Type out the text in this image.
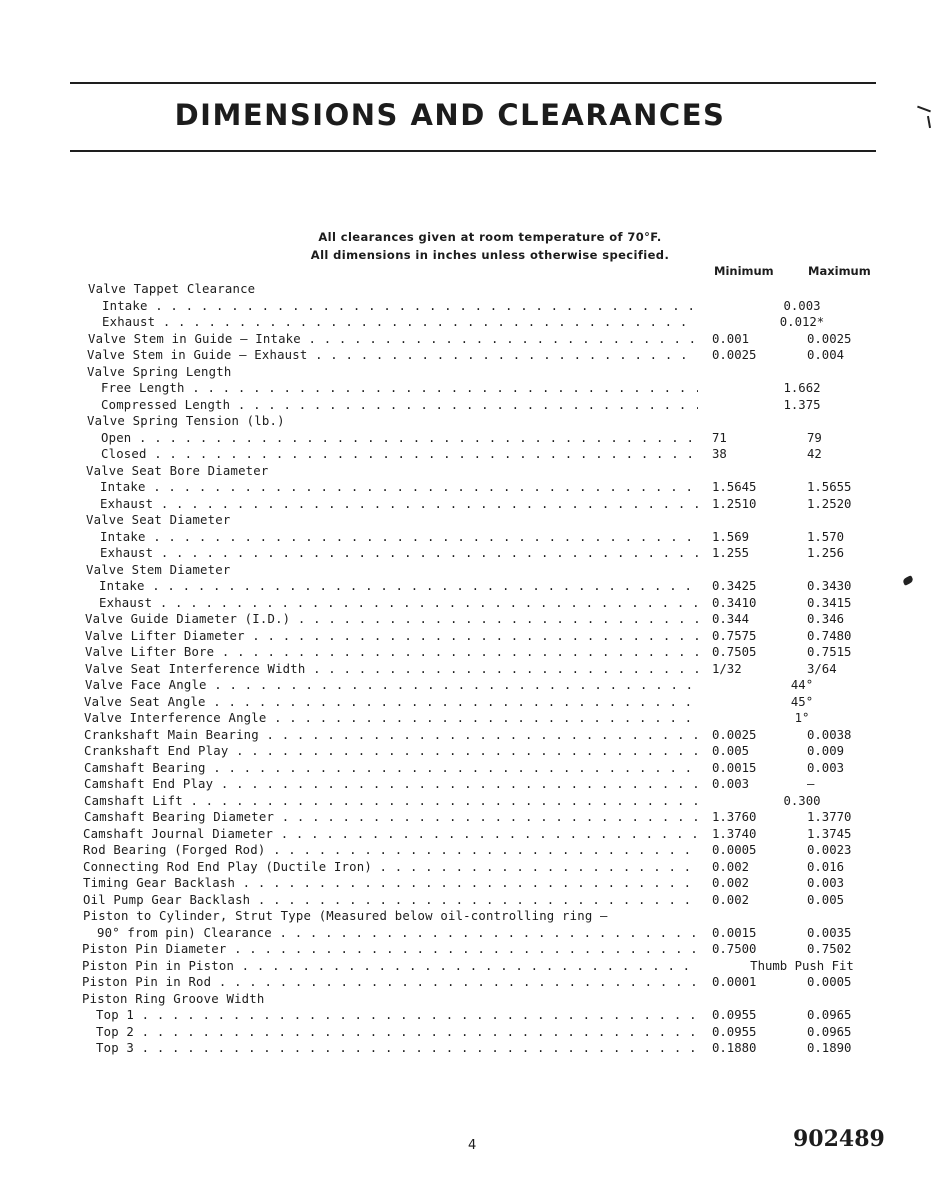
DIMENSIONS AND CLEARANCES
All clearances given at room temperature of 70°F.
All dimensions in inches unless otherwise specified.
Minimum	Maximum
Valve Tappet Clearance
Intake . . .	0.003
Exhaust . . .	0.012*
Valve Stem in Guide – Intake . . .	0.001	0.0025
Valve Stem in Guide – Exhaust . . .	0.0025	0.004
Valve Spring Length
Free Length . . .	1.662
Compressed Length . . .	1.375
Valve Spring Tension (lb.)
Open . . .	71	79
Closed . . .	38	42
Valve Seat Bore Diameter
Intake . . .	1.5645	1.5655
Exhaust . . .	1.2510	1.2520
Valve Seat Diameter
Intake . . .	1.569	1.570
Exhaust . . .	1.255	1.256
Valve Stem Diameter
Intake . . .	0.3425	0.3430
Exhaust . . .	0.3410	0.3415
Valve Guide Diameter (I.D.) . . .	0.344	0.346
Valve Lifter Diameter . . .	0.7575	0.7480
Valve Lifter Bore . . .	0.7505	0.7515
Valve Seat Interference Width . . .	1/32	3/64
Valve Face Angle . . .	44°
Valve Seat Angle . . .	45°
Valve Interference Angle . . .	1°
Crankshaft Main Bearing . . .	0.0025	0.0038
Crankshaft End Play . . .	0.005	0.009
Camshaft Bearing . . .	0.0015	0.003
Camshaft End Play . . .	0.003	–
Camshaft Lift . . .	0.300
Camshaft Bearing Diameter . . .	1.3760	1.3770
Camshaft Journal Diameter . . .	1.3740	1.3745
Rod Bearing (Forged Rod) . . .	0.0005	0.0023
Connecting Rod End Play (Ductile Iron) . . .	0.002	0.016
Timing Gear Backlash . . .	0.002	0.003
Oil Pump Gear Backlash . . .	0.002	0.005
Piston to Cylinder, Strut Type (Measured below oil-controlling ring –
90° from pin) Clearance . . .	0.0015	0.0035
Piston Pin Diameter . . .	0.7500	0.7502
Piston Pin in Piston . . .	Thumb Push Fit
Piston Pin in Rod . . .	0.0001	0.0005
Piston Ring Groove Width
Top 1 . . .	0.0955	0.0965
Top 2 . . .	0.0955	0.0965
Top 3 . . .	0.1880	0.1890
4	902489
